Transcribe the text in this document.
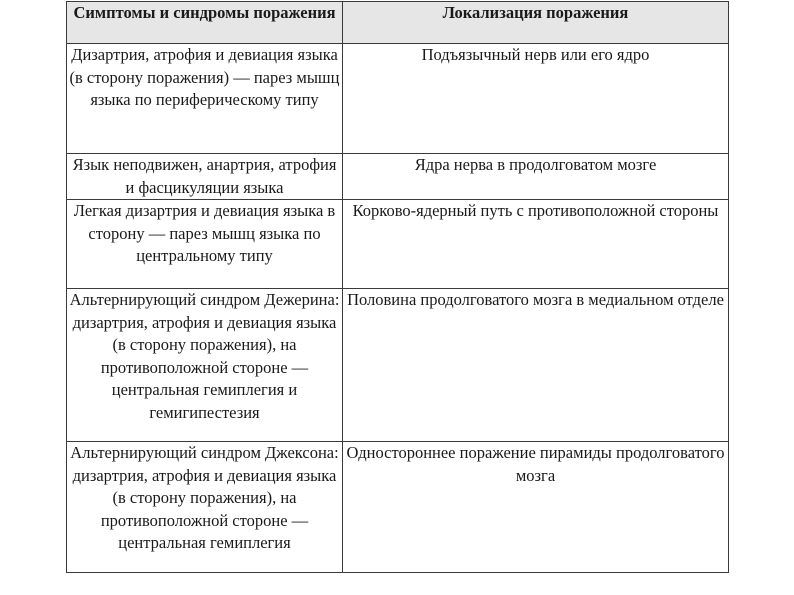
Симптомы и синдромы поражения	Локализация поражения
Дизартрия, атрофия и девиация языка (в сторону поражения) — парез мышц языка по периферическому типу	Подъязычный нерв или его ядро
Язык неподвижен, анартрия, атрофия и фасцикуляции языка	Ядра нерва в продолговатом мозге
Легкая дизартрия и девиация языка в сторону — парез мышц языка по центральному типу	Корково-ядерный путь с противоположной стороны
Альтернирующий синдром Дежерина: дизартрия, атрофия и девиация языка (в сторону поражения), на противоположной стороне — центральная гемиплегия и гемигипестезия	Половина продолговатого мозга в медиальном отделе
Альтернирующий синдром Джексона: дизартрия, атрофия и девиация языка (в сторону поражения), на противоположной стороне — центральная гемиплегия	Одностороннее поражение пирамиды продолговатого мозга
